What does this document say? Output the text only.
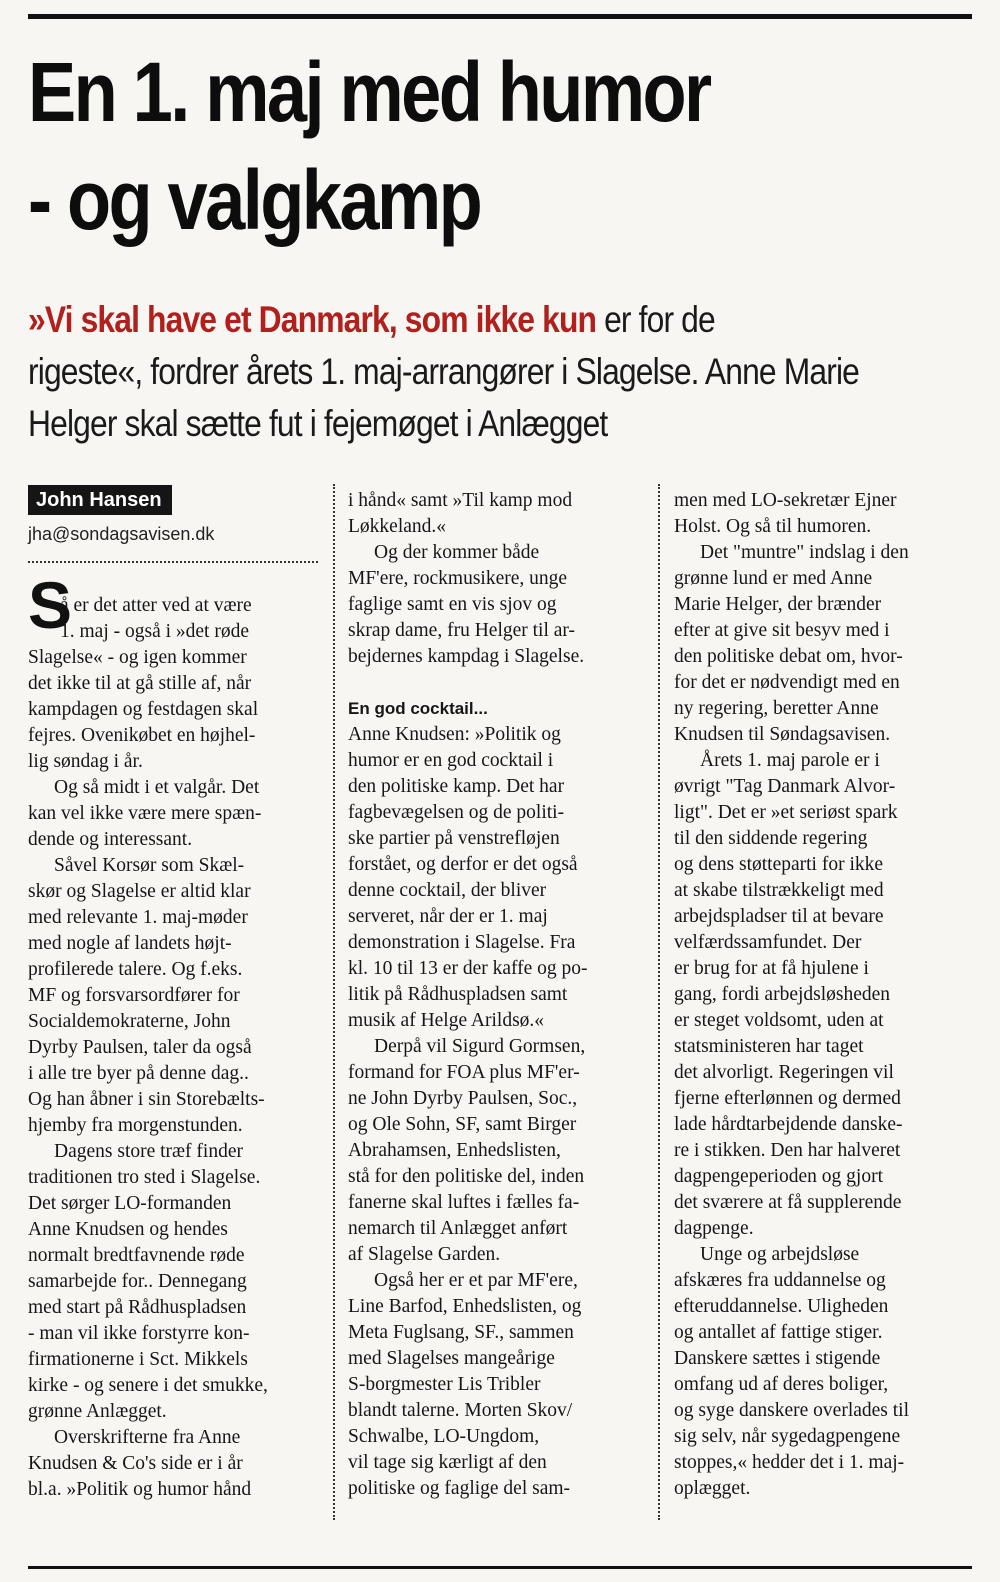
En 1. maj med humor
- og valgkamp

»Vi skal have et Danmark, som ikke kun er for de
rigeste«, fordrer årets 1. maj-arrangører i Slagelse. Anne Marie
Helger skal sætte fut i fejemøget i Anlægget

John Hansen
jha@sondagsavisen.dk
S
å er det atter ved at være
1. maj - også i »det røde
Slagelse« - og igen kommer
det ikke til at gå stille af, når
kampdagen og festdagen skal
fejres. Ovenikøbet en højhel-
lig søndag i år.
Og så midt i et valgår. Det
kan vel ikke være mere spæn-
dende og interessant.
Såvel Korsør som Skæl-
skør og Slagelse er altid klar
med relevante 1. maj-møder
med nogle af landets højt-
profilerede talere. Og f.eks.
MF og forsvarsordfører for
Socialdemokraterne, John
Dyrby Paulsen, taler da også
i alle tre byer på denne dag..
Og han åbner i sin Storebælts-
hjemby fra morgenstunden.
Dagens store træf finder
traditionen tro sted i Slagelse.
Det sørger LO-formanden
Anne Knudsen og hendes
normalt bredtfavnende røde
samarbejde for.. Dennegang
med start på Rådhuspladsen
- man vil ikke forstyrre kon-
firmationerne i Sct. Mikkels
kirke - og senere i det smukke,
grønne Anlægget.
Overskrifterne fra Anne
Knudsen & Co's side er i år
bl.a. »Politik og humor hånd
i hånd« samt »Til kamp mod
Løkkeland.«
Og der kommer både
MF'ere, rockmusikere, unge
faglige samt en vis sjov og
skrap dame, fru Helger til ar-
bejdernes kampdag i Slagelse.
En god cocktail...
Anne Knudsen: »Politik og
humor er en god cocktail i
den politiske kamp. Det har
fagbevægelsen og de politi-
ske partier på venstrefløjen
forstået, og derfor er det også
denne cocktail, der bliver
serveret, når der er 1. maj
demonstration i Slagelse. Fra
kl. 10 til 13 er der kaffe og po-
litik på Rådhuspladsen samt
musik af Helge Arildsø.«
Derpå vil Sigurd Gormsen,
formand for FOA plus MF'er-
ne John Dyrby Paulsen, Soc.,
og Ole Sohn, SF, samt Birger
Abrahamsen, Enhedslisten,
stå for den politiske del, inden
fanerne skal luftes i fælles fa-
nemarch til Anlægget anført
af Slagelse Garden.
Også her er et par MF'ere,
Line Barfod, Enhedslisten, og
Meta Fuglsang, SF., sammen
med Slagelses mangeårige
S-borgmester Lis Tribler
blandt talerne. Morten Skov/
Schwalbe, LO-Ungdom,
vil tage sig kærligt af den
politiske og faglige del sam-
men med LO-sekretær Ejner
Holst. Og så til humoren.
Det "muntre" indslag i den
grønne lund er med Anne
Marie Helger, der brænder
efter at give sit besyv med i
den politiske debat om, hvor-
for det er nødvendigt med en
ny regering, beretter Anne
Knudsen til Søndagsavisen.
Årets 1. maj parole er i
øvrigt "Tag Danmark Alvor-
ligt". Det er »et seriøst spark
til den siddende regering
og dens støtteparti for ikke
at skabe tilstrækkeligt med
arbejdspladser til at bevare
velfærdssamfundet. Der
er brug for at få hjulene i
gang, fordi arbejdsløsheden
er steget voldsomt, uden at
statsministeren har taget
det alvorligt. Regeringen vil
fjerne efterlønnen og dermed
lade hårdtarbejdende danske-
re i stikken. Den har halveret
dagpengeperioden og gjort
det sværere at få supplerende
dagpenge.
Unge og arbejdsløse
afskæres fra uddannelse og
efteruddannelse. Uligheden
og antallet af fattige stiger.
Danskere sættes i stigende
omfang ud af deres boliger,
og syge danskere overlades til
sig selv, når sygedagpengene
stoppes,« hedder det i 1. maj-
oplægget.
